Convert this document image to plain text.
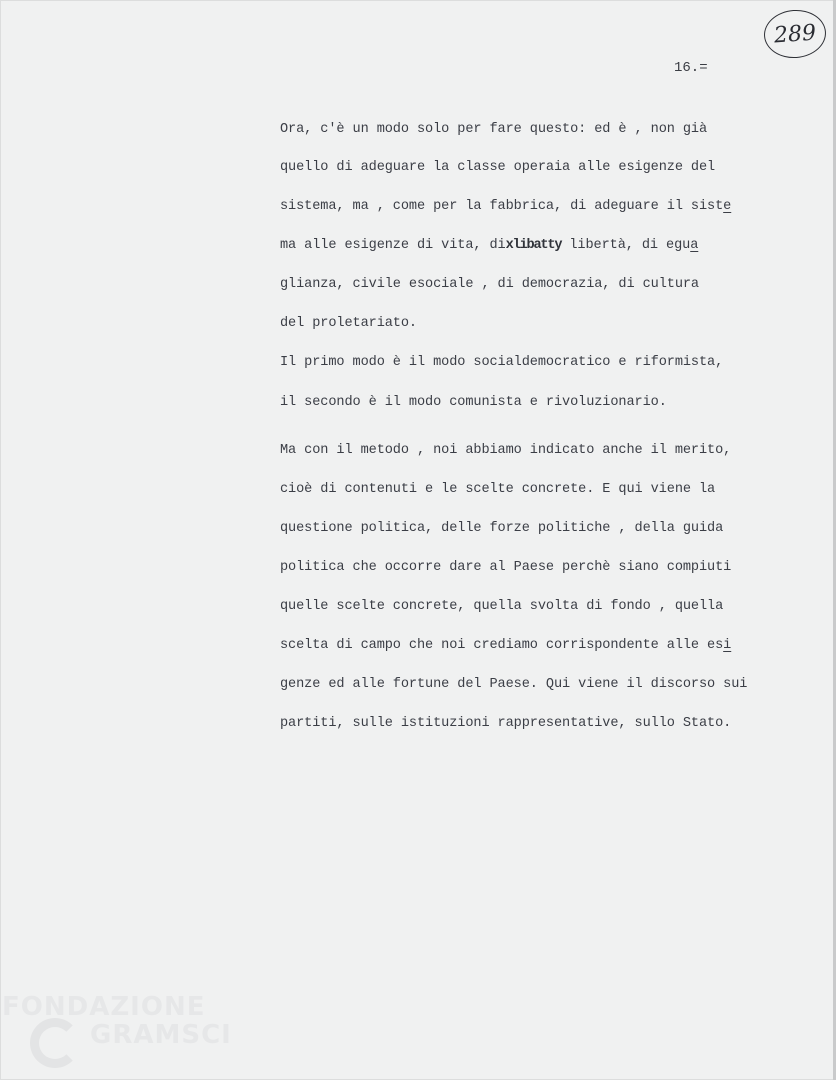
289
16.=
Ora, c'è un modo solo per fare questo: ed è , non già
quello di adeguare la classe operaia alle esigenze del
sistema, ma , come per la fabbrica, di adeguare il siste
ma alle esigenze di vita, dixlibatty libertà, di egua
glianza, civile esociale , di democrazia, di cultura
del proletariato.
Il primo modo è il modo socialdemocratico e riformista,
il secondo è il modo comunista e rivoluzionario.
Ma con il metodo , noi abbiamo indicato anche il merito,
cioè di contenuti e le scelte concrete. E qui viene la
questione politica, delle forze politiche , della guida
politica che occorre dare al Paese perchè siano compiuti
quelle scelte concrete, quella svolta di fondo , quella
scelta di campo che noi crediamo corrispondente alle esi
genze ed alle fortune del Paese. Qui viene il discorso sui
partiti, sulle istituzioni rappresentative, sullo Stato.
FONDAZIONE
GRAMSCI
